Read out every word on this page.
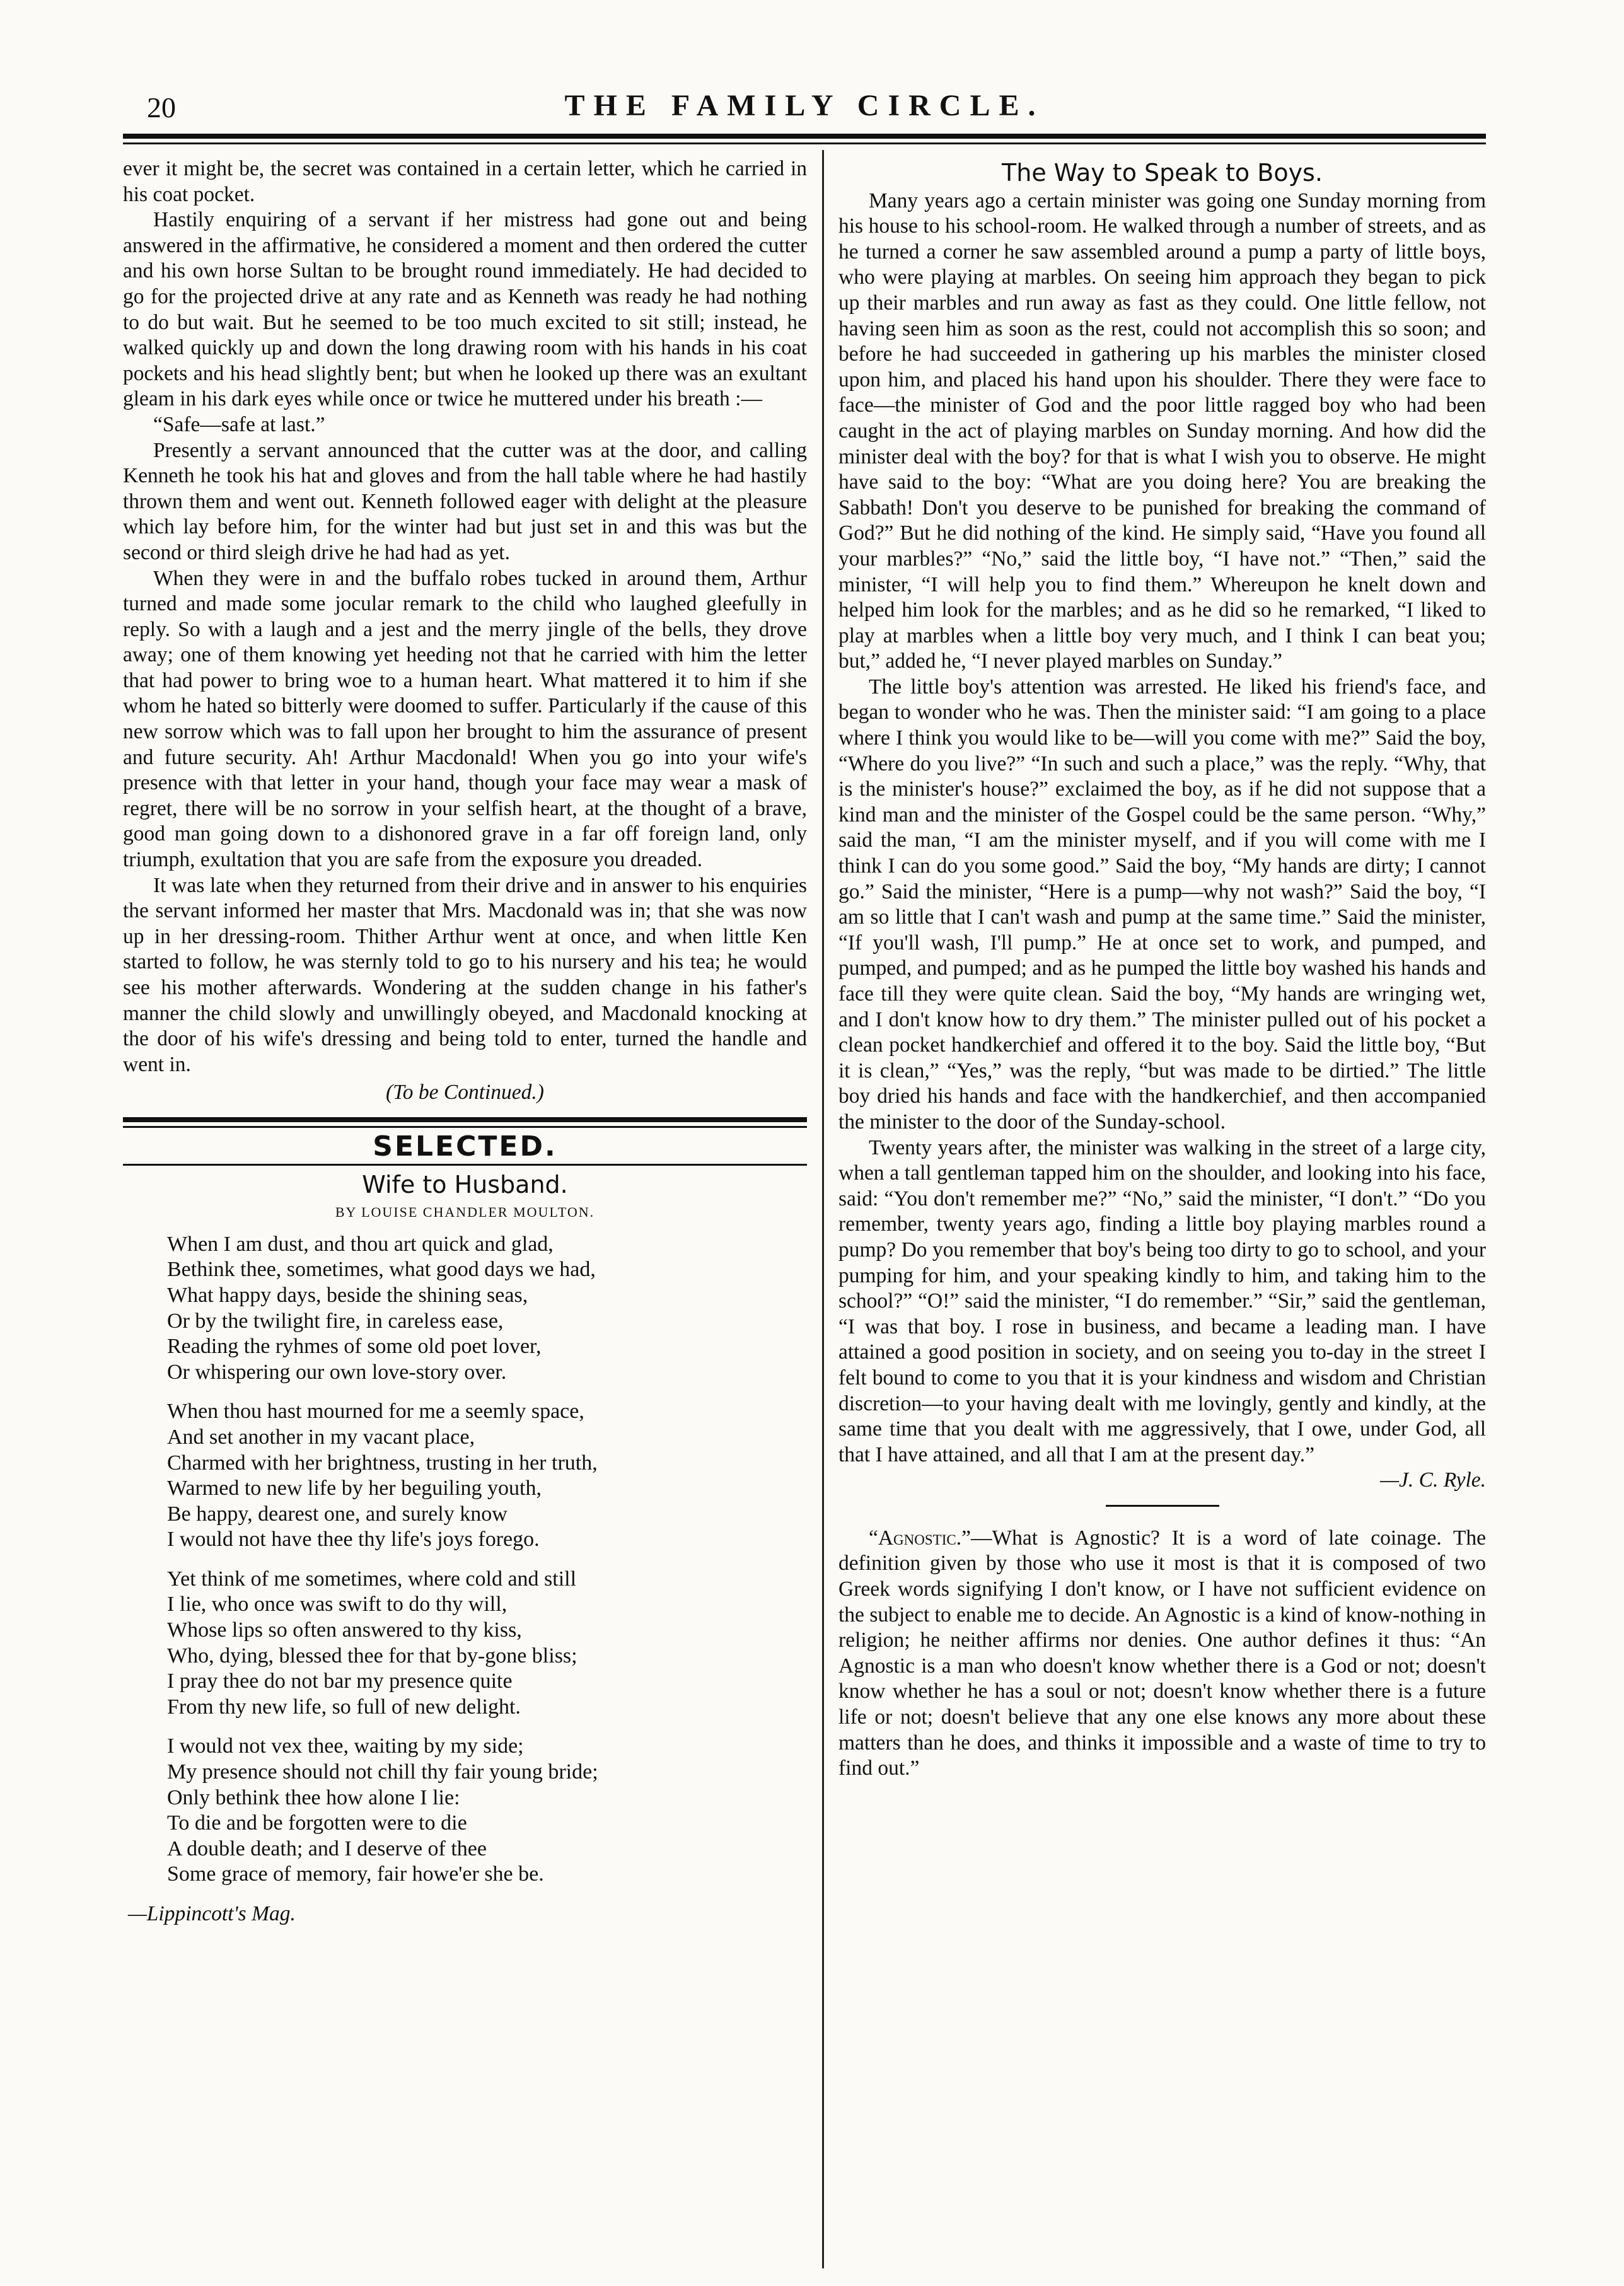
20	THE FAMILY CIRCLE.

ever it might be, the secret was contained in a certain letter, which he carried in his coat pocket.

Hastily enquiring of a servant if her mistress had gone out and being answered in the affirmative, he considered a moment and then ordered the cutter and his own horse Sultan to be brought round immediately. He had decided to go for the projected drive at any rate and as Kenneth was ready he had nothing to do but wait. But he seemed to be too much excited to sit still; instead, he walked quickly up and down the long drawing room with his hands in his coat pockets and his head slightly bent; but when he looked up there was an exultant gleam in his dark eyes while once or twice he muttered under his breath :—

“Safe—safe at last.”

Presently a servant announced that the cutter was at the door, and calling Kenneth he took his hat and gloves and from the hall table where he had hastily thrown them and went out. Kenneth followed eager with delight at the pleasure which lay before him, for the winter had but just set in and this was but the second or third sleigh drive he had had as yet.

When they were in and the buffalo robes tucked in around them, Arthur turned and made some jocular remark to the child who laughed gleefully in reply. So with a laugh and a jest and the merry jingle of the bells, they drove away; one of them knowing yet heeding not that he carried with him the letter that had power to bring woe to a human heart. What mattered it to him if she whom he hated so bitterly were doomed to suffer. Particularly if the cause of this new sorrow which was to fall upon her brought to him the assurance of present and future security. Ah! Arthur Macdonald! When you go into your wife's presence with that letter in your hand, though your face may wear a mask of regret, there will be no sorrow in your selfish heart, at the thought of a brave, good man going down to a dishonored grave in a far off foreign land, only triumph, exultation that you are safe from the exposure you dreaded.

It was late when they returned from their drive and in answer to his enquiries the servant informed her master that Mrs. Macdonald was in; that she was now up in her dressing-room. Thither Arthur went at once, and when little Ken started to follow, he was sternly told to go to his nursery and his tea; he would see his mother afterwards. Wondering at the sudden change in his father's manner the child slowly and unwillingly obeyed, and Macdonald knocking at the door of his wife's dressing and being told to enter, turned the handle and went in.

(To be Continued.)
SELECTED.
Wife to Husband.
BY LOUISE CHANDLER MOULTON.
When I am dust, and thou art quick and glad,
Bethink thee, sometimes, what good days we had,
What happy days, beside the shining seas,
Or by the twilight fire, in careless ease,
Reading the ryhmes of some old poet lover,
Or whispering our own love-story over.
When thou hast mourned for me a seemly space,
And set another in my vacant place,
Charmed with her brightness, trusting in her truth,
Warmed to new life by her beguiling youth,
Be happy, dearest one, and surely know
I would not have thee thy life's joys forego.
Yet think of me sometimes, where cold and still
I lie, who once was swift to do thy will,
Whose lips so often answered to thy kiss,
Who, dying, blessed thee for that by-gone bliss;
I pray thee do not bar my presence quite
From thy new life, so full of new delight.
I would not vex thee, waiting by my side;
My presence should not chill thy fair young bride;
Only bethink thee how alone I lie:
To die and be forgotten were to die
A double death; and I deserve of thee
Some grace of memory, fair howe'er she be.
—Lippincott's Mag.
The Way to Speak to Boys.

Many years ago a certain minister was going one Sunday morning from his house to his school-room. He walked through a number of streets, and as he turned a corner he saw assembled around a pump a party of little boys, who were playing at marbles. On seeing him approach they began to pick up their marbles and run away as fast as they could. One little fellow, not having seen him as soon as the rest, could not accomplish this so soon; and before he had succeeded in gathering up his marbles the minister closed upon him, and placed his hand upon his shoulder. There they were face to face—the minister of God and the poor little ragged boy who had been caught in the act of playing marbles on Sunday morning. And how did the minister deal with the boy? for that is what I wish you to observe. He might have said to the boy: “What are you doing here? You are breaking the Sabbath! Don't you deserve to be punished for breaking the command of God?” But he did nothing of the kind. He simply said, “Have you found all your marbles?” “No,” said the little boy, “I have not.” “Then,” said the minister, “I will help you to find them.” Whereupon he knelt down and helped him look for the marbles; and as he did so he remarked, “I liked to play at marbles when a little boy very much, and I think I can beat you; but,” added he, “I never played marbles on Sunday.”

The little boy's attention was arrested. He liked his friend's face, and began to wonder who he was. Then the minister said: “I am going to a place where I think you would like to be—will you come with me?” Said the boy, “Where do you live?” “In such and such a place,” was the reply. “Why, that is the minister's house?” exclaimed the boy, as if he did not suppose that a kind man and the minister of the Gospel could be the same person. “Why,” said the man, “I am the minister myself, and if you will come with me I think I can do you some good.” Said the boy, “My hands are dirty; I cannot go.” Said the minister, “Here is a pump—why not wash?” Said the boy, “I am so little that I can't wash and pump at the same time.” Said the minister, “If you'll wash, I'll pump.” He at once set to work, and pumped, and pumped, and pumped; and as he pumped the little boy washed his hands and face till they were quite clean. Said the boy, “My hands are wringing wet, and I don't know how to dry them.” The minister pulled out of his pocket a clean pocket handkerchief and offered it to the boy. Said the little boy, “But it is clean,” “Yes,” was the reply, “but was made to be dirtied.” The little boy dried his hands and face with the handkerchief, and then accompanied the minister to the door of the Sunday-school.

Twenty years after, the minister was walking in the street of a large city, when a tall gentleman tapped him on the shoulder, and looking into his face, said: “You don't remember me?” “No,” said the minister, “I don't.” “Do you remember, twenty years ago, finding a little boy playing marbles round a pump? Do you remember that boy's being too dirty to go to school, and your pumping for him, and your speaking kindly to him, and taking him to the school?” “O!” said the minister, “I do remember.” “Sir,” said the gentleman, “I was that boy. I rose in business, and became a leading man. I have attained a good position in society, and on seeing you to-day in the street I felt bound to come to you that it is your kindness and wisdom and Christian discretion—to your having dealt with me lovingly, gently and kindly, at the same time that you dealt with me aggressively, that I owe, under God, all that I have attained, and all that I am at the present day.”

—J. C. Ryle.

“Agnostic.”—What is Agnostic? It is a word of late coinage. The definition given by those who use it most is that it is composed of two Greek words signifying I don't know, or I have not sufficient evidence on the subject to enable me to decide. An Agnostic is a kind of know-nothing in religion; he neither affirms nor denies. One author defines it thus: “An Agnostic is a man who doesn't know whether there is a God or not; doesn't know whether he has a soul or not; doesn't know whether there is a future life or not; doesn't believe that any one else knows any more about these matters than he does, and thinks it impossible and a waste of time to try to find out.”
